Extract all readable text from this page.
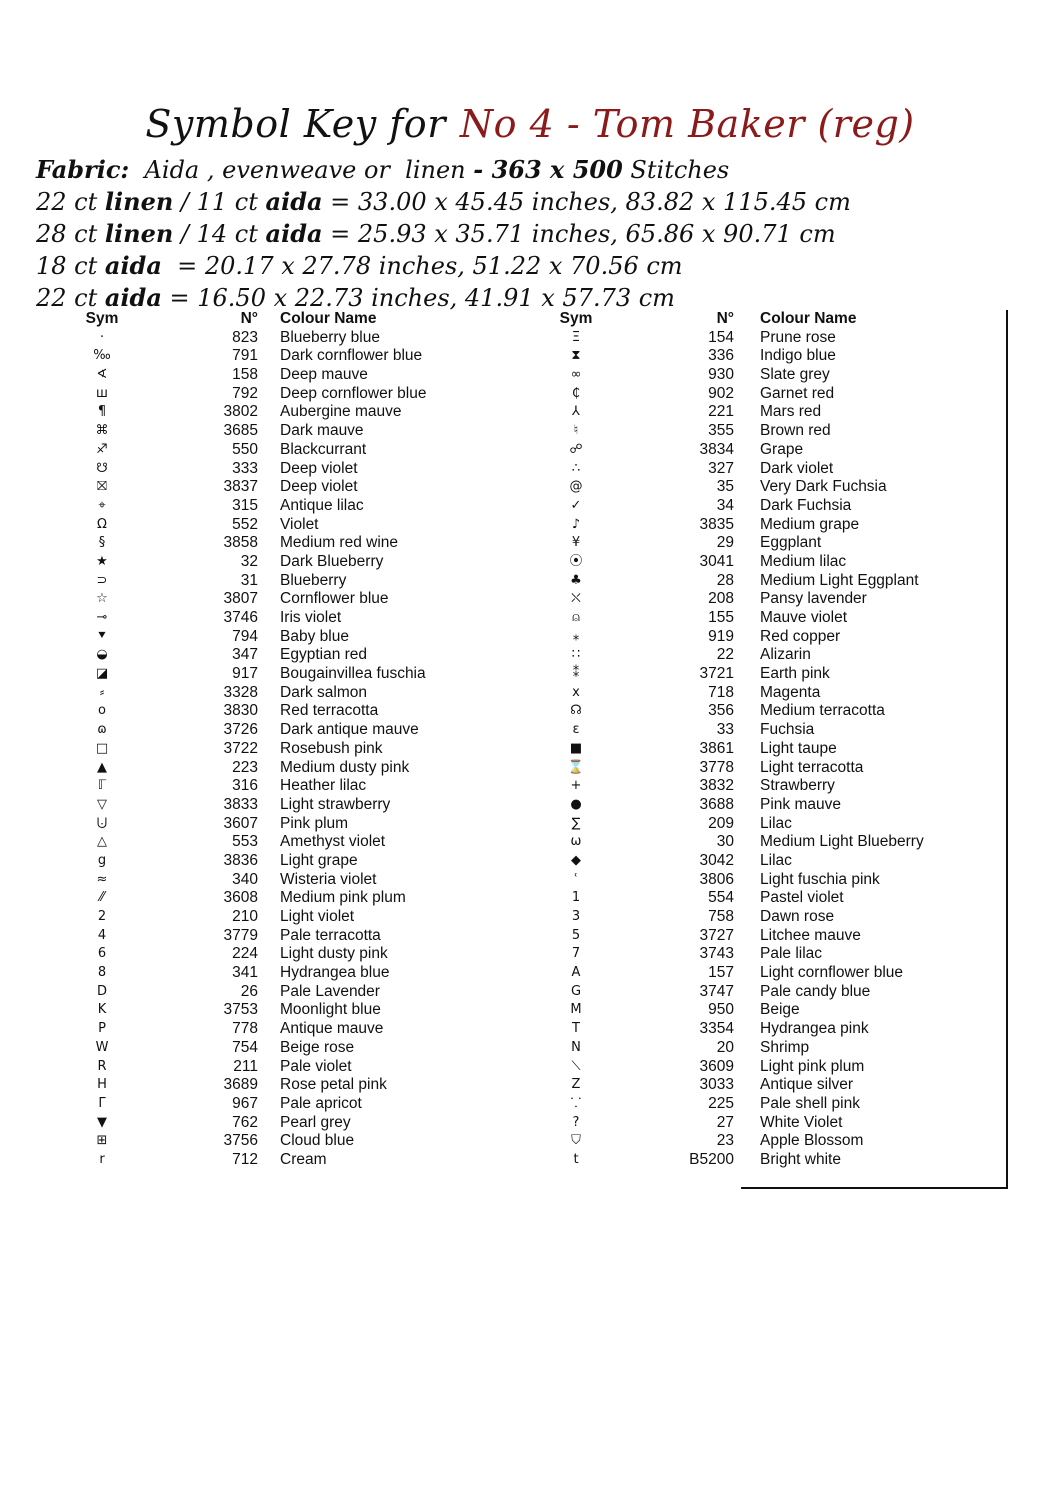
Symbol Key for No 4 - Tom Baker (reg)
Fabric:  Aida , evenweave or  linen - 363 x 500 Stitches
22 ct linen / 11 ct aida = 33.00 x 45.45 inches, 83.82 x 115.45 cm
28 ct linen / 14 ct aida = 25.93 x 35.71 inches, 65.86 x 90.71 cm
18 ct aida  = 20.17 x 27.78 inches, 51.22 x 70.56 cm
22 ct aida = 16.50 x 22.73 inches, 41.91 x 57.73 cm
Sym	N° Colour Name
·	823 Blueberry blue
‰	791 Dark cornflower blue
∢	158 Deep mauve
ш	792 Deep cornflower blue
¶	3802 Aubergine mauve
⌘	3685 Dark mauve
♐	550 Blackcurrant
☋	333 Deep violet
⛝	3837 Deep violet
⌖	315 Antique lilac
Ω	552 Violet
§	3858 Medium red wine
★	32 Dark Blueberry
⊃	31 Blueberry
☆	3807 Cornflower blue
⊸	3746 Iris violet
⯆	794 Baby blue
◒	347 Egyptian red
◪	917 Bougainvillea fuschia
⸗	3328 Dark salmon
o	3830 Red terracotta
ɷ	3726 Dark antique mauve
□	3722 Rosebush pink
▲	223 Medium dusty pink
ℾ	316 Heather lilac
▽	3833 Light strawberry
⨃	3607 Pink plum
△	553 Amethyst violet
g	3836 Light grape
≈	340 Wisteria violet
⁄⁄	3608 Medium pink plum
2	210 Light violet
4	3779 Pale terracotta
6	224 Light dusty pink
8	341 Hydrangea blue
D	26 Pale Lavender
K	3753 Moonlight blue
P	778 Antique mauve
W	754 Beige rose
R	211 Pale violet
H	3689 Rose petal pink
Γ	967 Pale apricot
▼	762 Pearl grey
⊞	3756 Cloud blue
r	712 Cream
Sym	N° Colour Name
Ξ	154 Prune rose
⧗	336 Indigo blue
∞	930 Slate grey
₵	902 Garnet red
⅄	221 Mars red
♮	355 Brown red
☍	3834 Grape
∴	327 Dark violet
@	35 Very Dark Fuchsia
✓	34 Dark Fuchsia
♪	3835 Medium grape
¥	29 Eggplant
⦿	3041 Medium lilac
♣	28 Medium Light Eggplant
⛌	208 Pansy lavender
⍝	155 Mauve violet
⁎	919 Red copper
∷	22 Alizarin
⁑	3721 Earth pink
x	718 Magenta
☊	356 Medium terracotta
ε	33 Fuchsia
■	3861 Light taupe
⌛	3778 Light terracotta
+	3832 Strawberry
●	3688 Pink mauve
∑	209 Lilac
ω	30 Medium Light Blueberry
◆	3042 Lilac
ʿ	3806 Light fuschia pink
1	554 Pastel violet
3	758 Dawn rose
5	3727 Litchee mauve
7	3743 Pale lilac
A	157 Light cornflower blue
G	3747 Pale candy blue
M	950 Beige
T	3354 Hydrangea pink
N	20 Shrimp
⟍	3609 Light pink plum
Z	3033 Antique silver
⸪	225 Pale shell pink
?	27 White Violet
⛉	23 Apple Blossom
t	B5200 Bright white
